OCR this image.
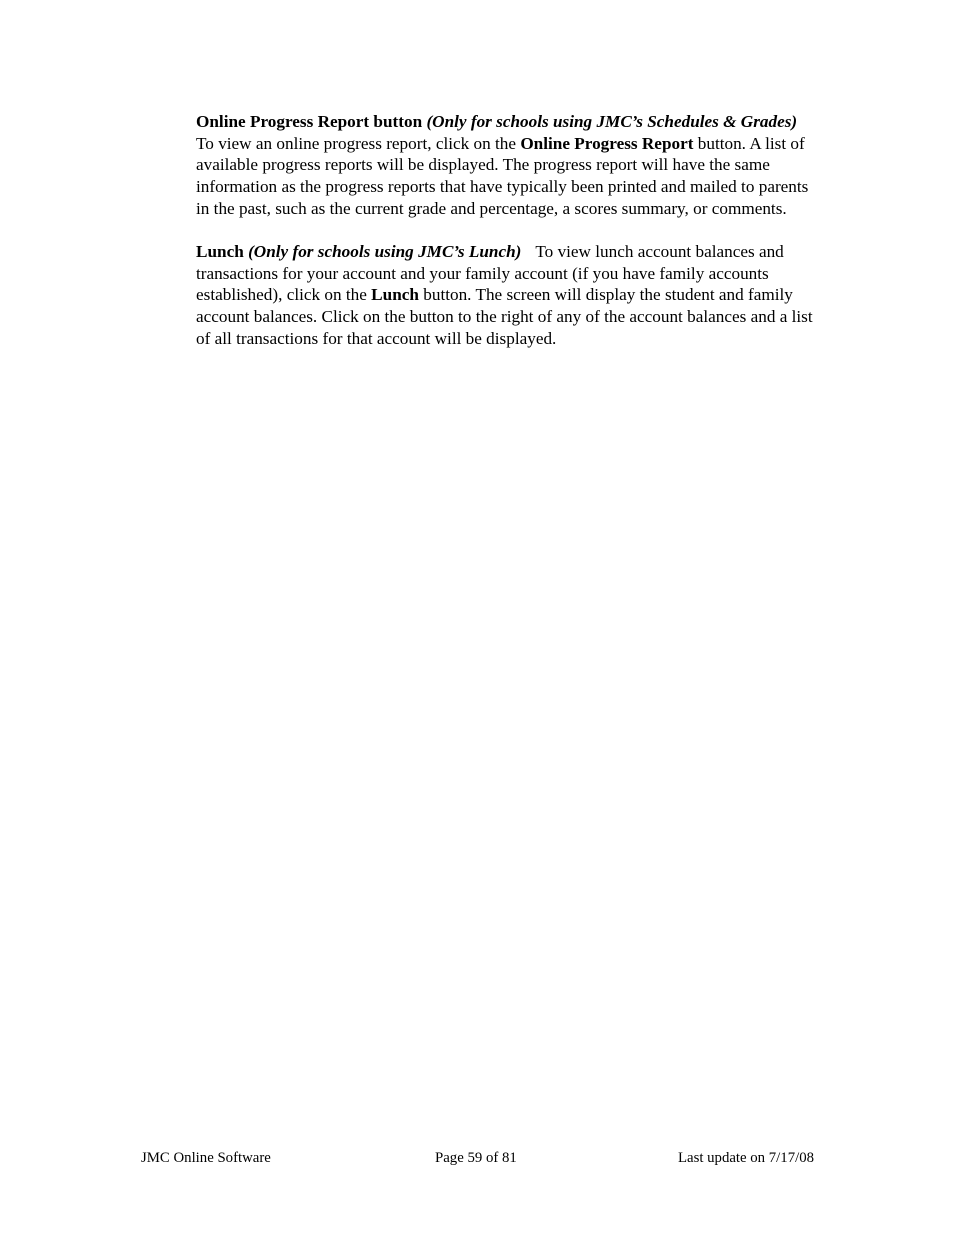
Online Progress Report button (Only for schools using JMC’s Schedules & Grades)To view an online progress report, click on the Online Progress Report button. A list of available progress reports will be displayed. The progress report will have the same information as the progress reports that have typically been printed and mailed to parents in the past, such as the current grade and percentage, a scores summary, or comments.

Lunch (Only for schools using JMC’s Lunch) To view lunch account balances and transactions for your account and your family account (if you have family accounts established), click on the Lunch button. The screen will display the student and family account balances. Click on the button to the right of any of the account balances and a list of all transactions for that account will be displayed.

JMC Online Software	Page 59 of 81	Last update on 7/17/08
